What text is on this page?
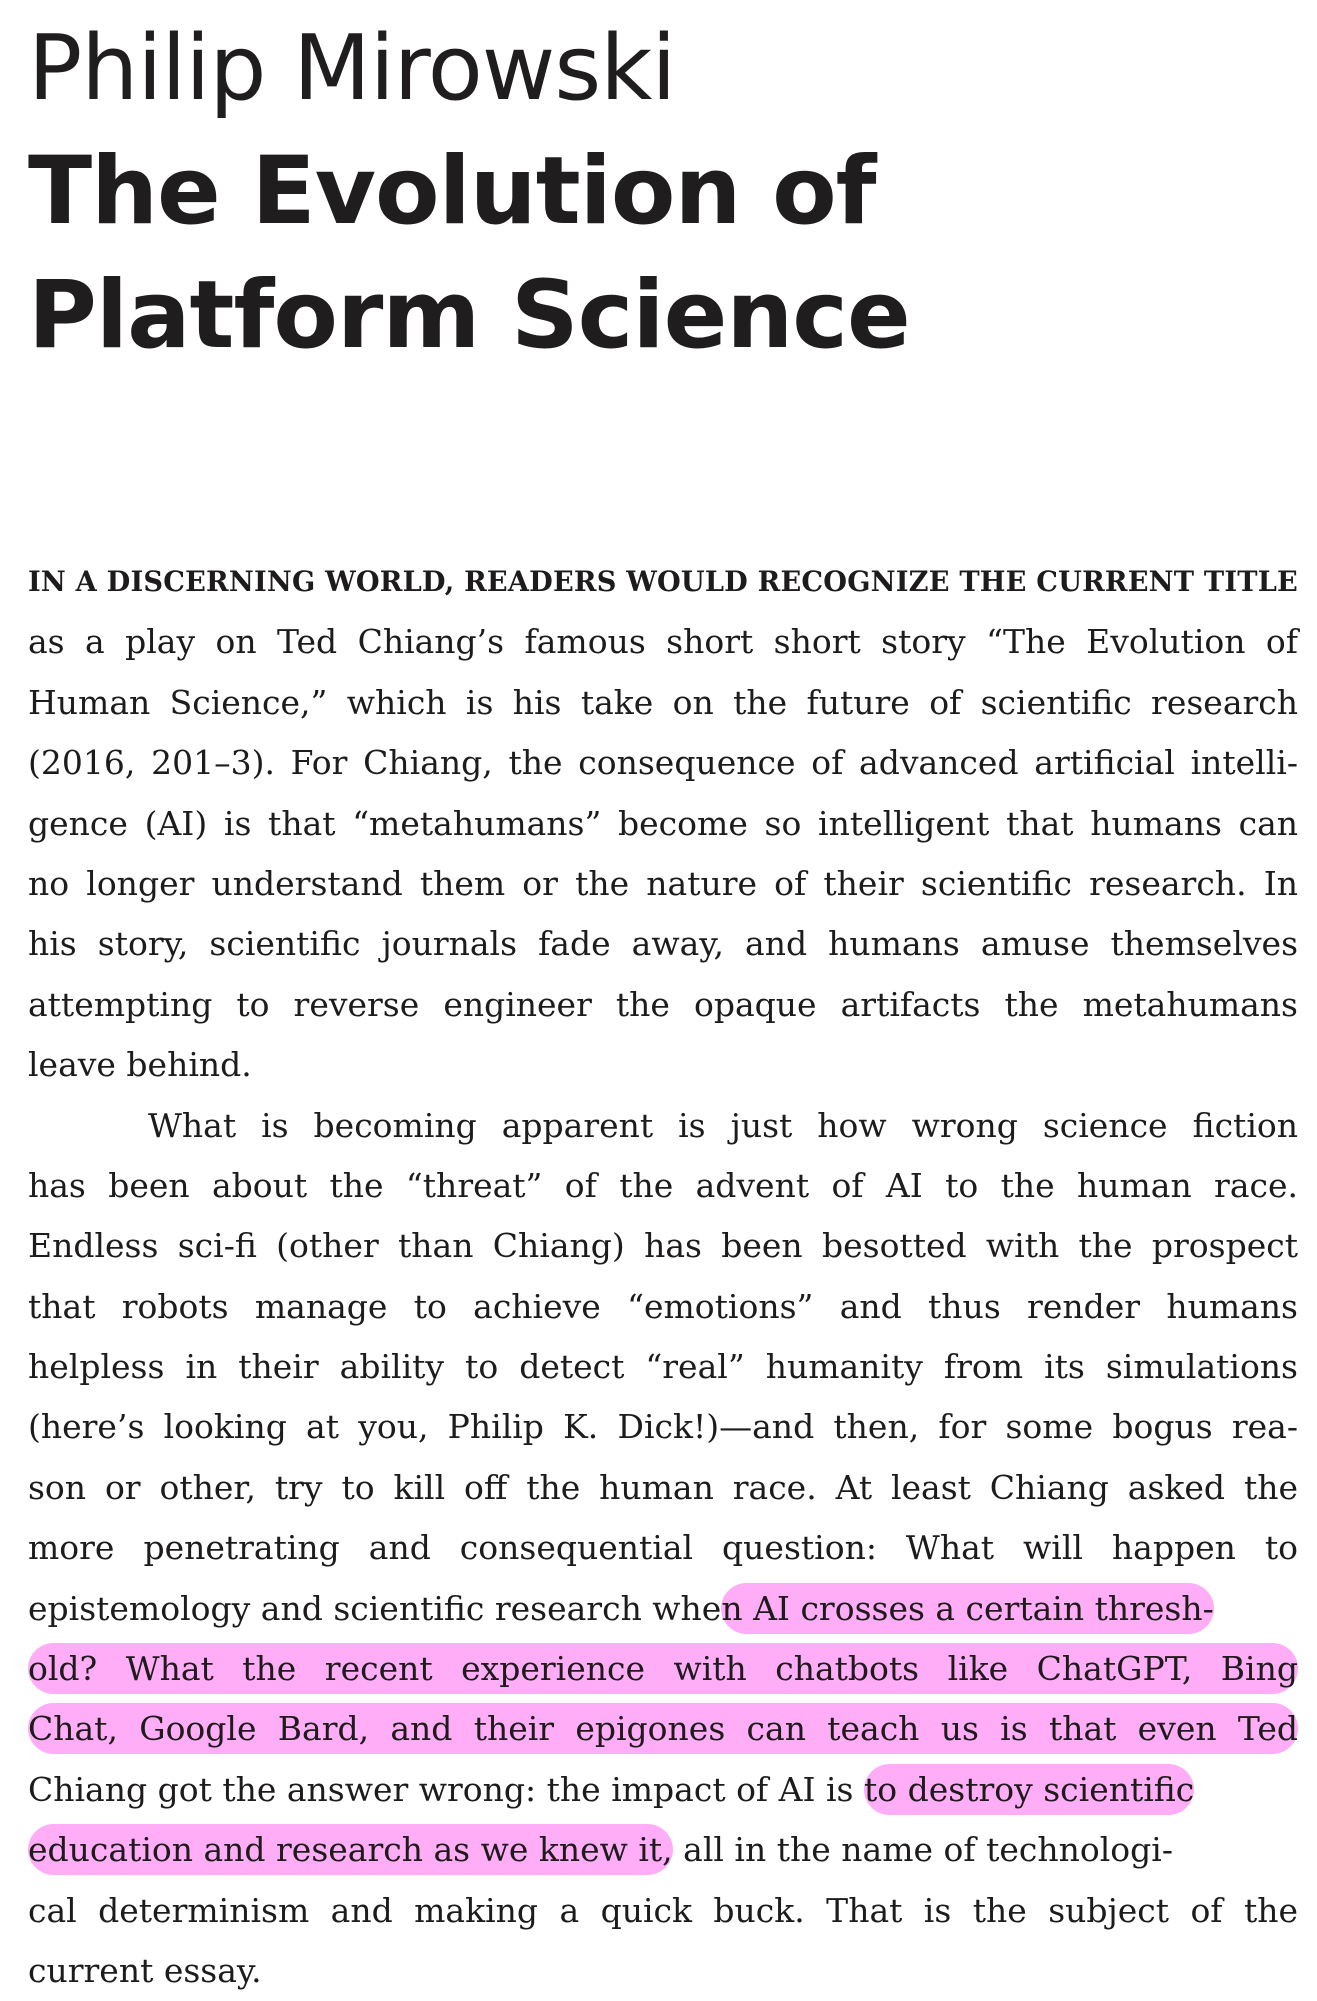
Philip Mirowski
The Evolution of Platform Science
IN A DISCERNING WORLD, READERS WOULD RECOGNIZE THE CURRENT TITLE
as a play on Ted Chiang’s famous short short story “The Evolution of
Human Science,” which is his take on the future of scientific research
(2016, 201–3). For Chiang, the consequence of advanced artificial intelli-
gence (AI) is that “metahumans” become so intelligent that humans can
no longer understand them or the nature of their scientific research. In
his story, scientific journals fade away, and humans amuse themselves
attempting to reverse engineer the opaque artifacts the metahumans
leave behind.
What is becoming apparent is just how wrong science fiction
has been about the “threat” of the advent of AI to the human race.
Endless sci-fi (other than Chiang) has been besotted with the prospect
that robots manage to achieve “emotions” and thus render humans
helpless in their ability to detect “real” humanity from its simulations
(here’s looking at you, Philip K. Dick!)—and then, for some bogus rea-
son or other, try to kill off the human race. At least Chiang asked the
more penetrating and consequential question: What will happen to
epistemology and scientific research when AI crosses a certain thresh-
old? What the recent experience with chatbots like ChatGPT, Bing
Chat, Google Bard, and their epigones can teach us is that even Ted
Chiang got the answer wrong: the impact of AI is to destroy scientific
education and research as we knew it, all in the name of technologi-
cal determinism and making a quick buck. That is the subject of the
current essay.
